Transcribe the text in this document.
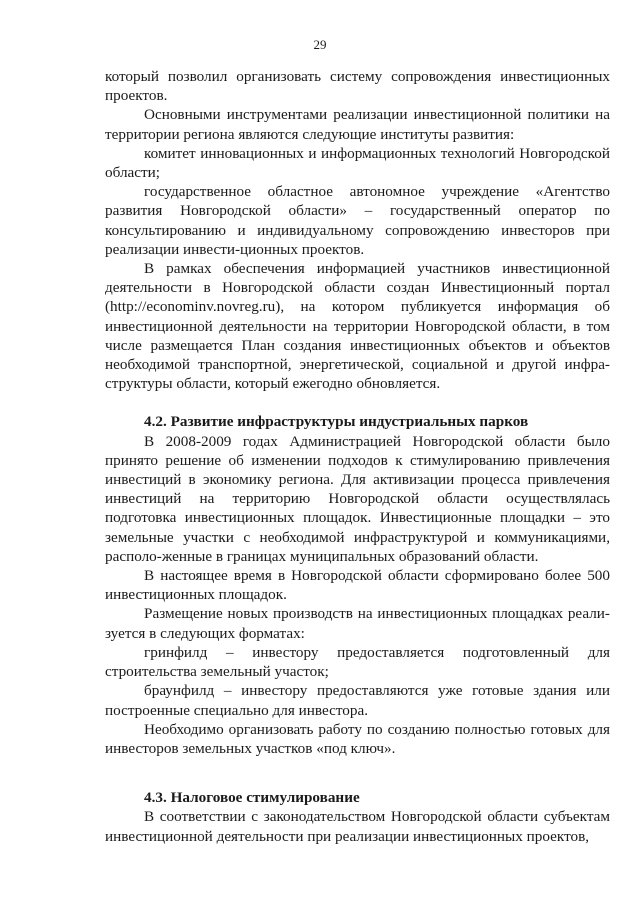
29

который позволил организовать систему сопровождения инвестиционных проектов.

Основными инструментами реализации инвестиционной политики на территории региона являются следующие институты развития:

комитет инновационных и информационных технологий Новгородской области;

государственное областное автономное учреждение «Агентство развития Новгородской области» – государственный оператор по консультированию и индивидуальному сопровождению инвесторов при реализации инвести-ционных проектов.

В рамках обеспечения информацией участников инвестиционной деятельности в Новгородской области создан Инвестиционный портал (http://econominv.novreg.ru), на котором публикуется информация об инвестиционной деятельности на территории Новгородской области, в том числе размещается План создания инвестиционных объектов и объектов необходимой транспортной, энергетической, социальной и другой инфра-структуры области, который ежегодно обновляется.

4.2. Развитие инфраструктуры индустриальных парков

В 2008-2009 годах Администрацией Новгородской области было принято решение об изменении подходов к стимулированию привлечения инвестиций в экономику региона. Для активизации процесса привлечения инвестиций на территорию Новгородской области осуществлялась подготовка инвестиционных площадок. Инвестиционные площадки – это земельные участки с необходимой инфраструктурой и коммуникациями, располо-женные в границах муниципальных образований области.

В настоящее время в Новгородской области сформировано более 500 инвестиционных площадок.

Размещение новых производств на инвестиционных площадках реали-зуется в следующих форматах:

гринфилд – инвестору предоставляется подготовленный для строительства земельный участок;

браунфилд – инвестору предоставляются уже готовые здания или построенные специально для инвестора.

Необходимо организовать работу по созданию полностью готовых для инвесторов земельных участков «под ключ».

4.3. Налоговое стимулирование

В соответствии с законодательством Новгородской области субъектам инвестиционной деятельности при реализации инвестиционных проектов,
